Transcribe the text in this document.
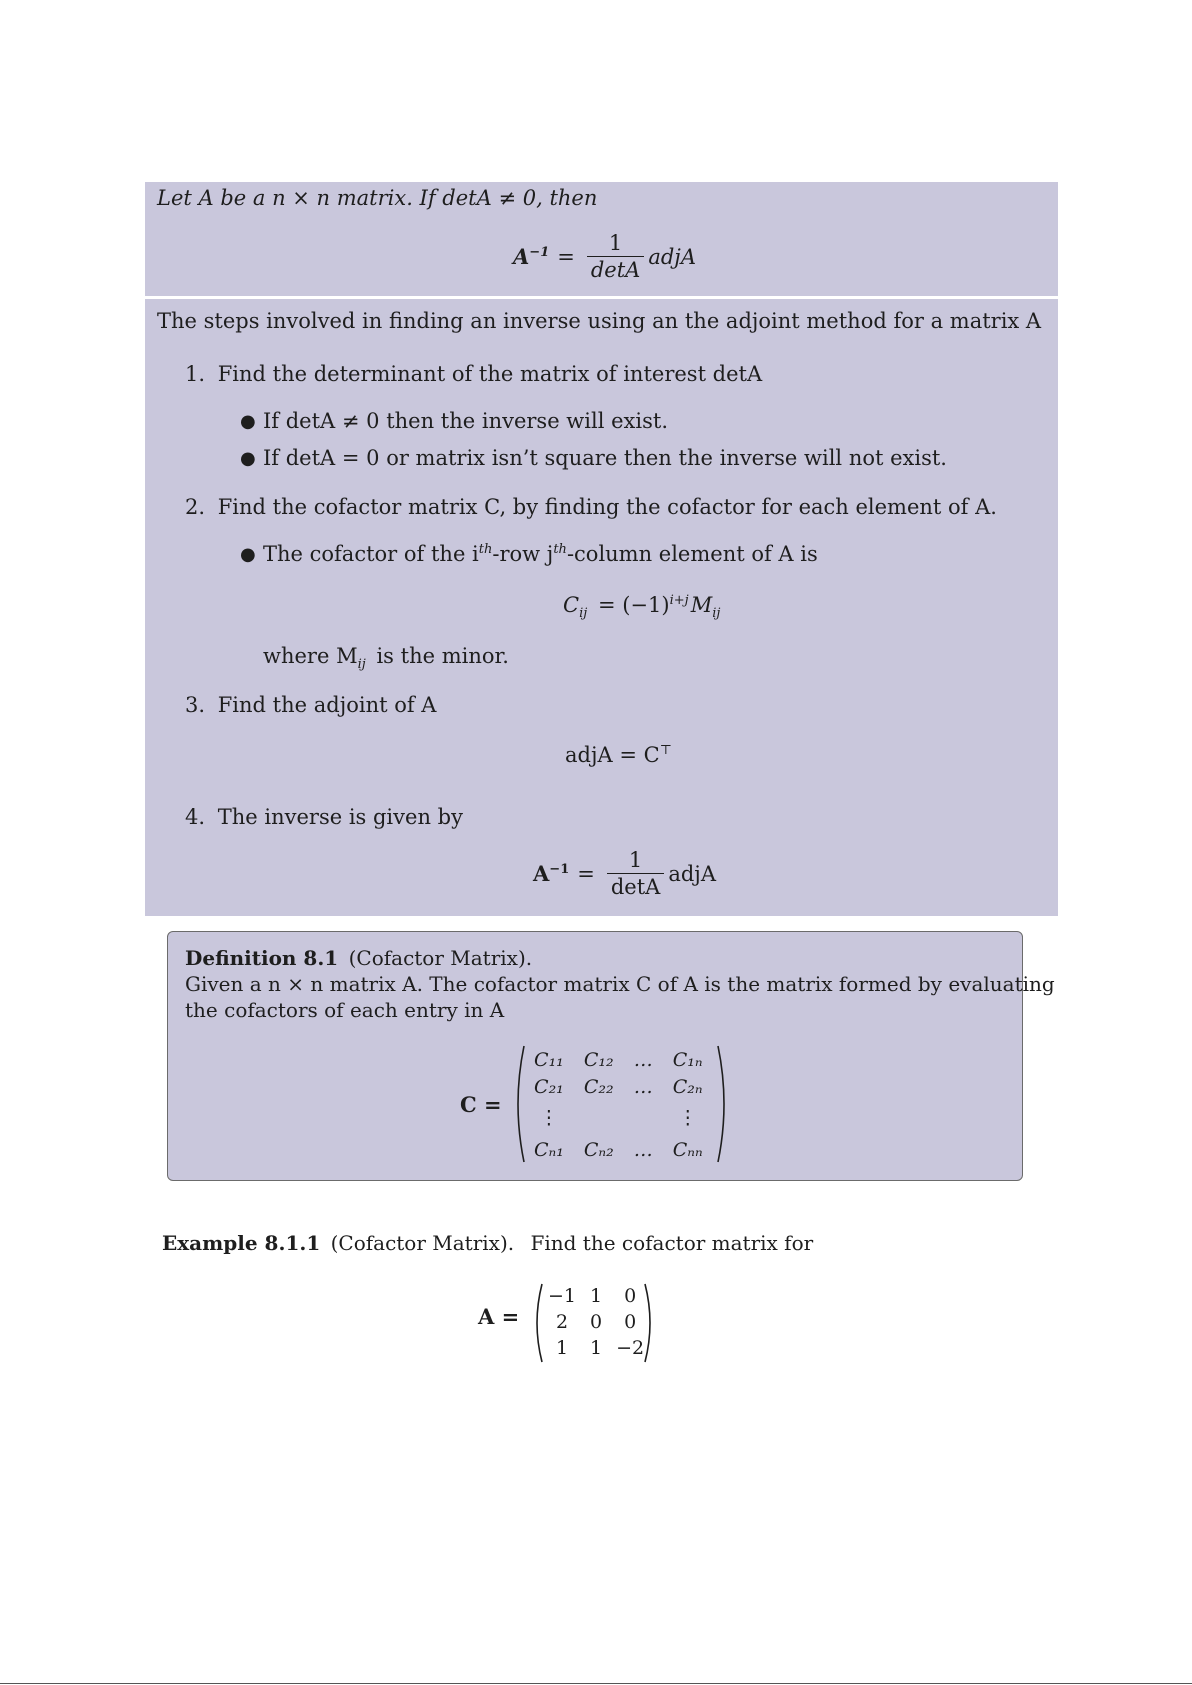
Let A be a n × n matrix. If detA ≠ 0, then
$A^{-1} = \frac{1}{\det A}$ adjA
The steps involved in finding an inverse using an the adjoint method for a matrix A
1. Find the determinant of the matrix of interest detA
● If detA ≠ 0 then the inverse will exist.
● If detA = 0 or matrix isn’t square then the inverse will not exist.
2. Find the cofactor matrix C, by finding the cofactor for each element of A.
● The cofactor of the $i^{th}$-row $j^{th}$-column element of A is
$C_{ij} = (-1)^{i+j}M_{ij}$
where $M_{ij}$ is the minor.
3. Find the adjoint of A
adjA = C⊤
4. The inverse is given by
$A^{-1} = \frac{1}{\det A}$ adjA
Definition 8.1 (Cofactor Matrix).
Given a n × n matrix A. The cofactor matrix C of A is the matrix formed by evaluating
the cofactors of each entry in A
C =
C₁₁	C₁₂	…	C₁ₙ
C₂₁	C₂₂	…	C₂ₙ
⋮			⋮
Cₙ₁	Cₙ₂	…	Cₙₙ
Example 8.1.1 (Cofactor Matrix). Find the cofactor matrix for
A =
−1	1	0
2	0	0
1	1	−2
